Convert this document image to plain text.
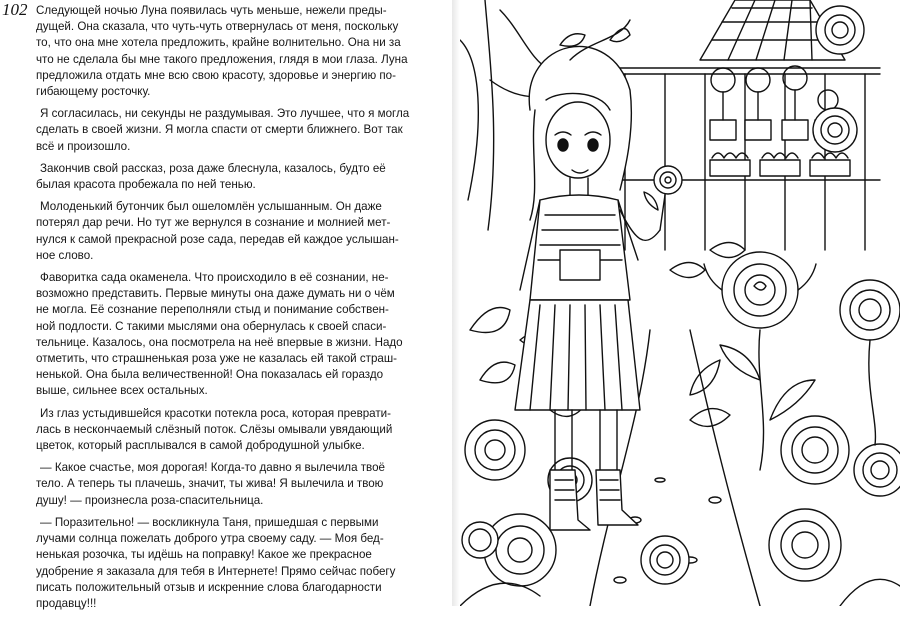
102 Следующей ночью Луна появилась чуть меньше, нежели преды-
дущей. Она сказала, что чуть-чуть отвернулась от меня, поскольку
то, что она мне хотела предложить, крайне волнительно. Она ни за
что не сделала бы мне такого предложения, глядя в мои глаза. Луна
предложила отдать мне всю свою красоту, здоровье и энергию по-
гибающему росточку.
Я согласилась, ни секунды не раздумывая. Это лучшее, что я могла
сделать в своей жизни. Я могла спасти от смерти ближнего. Вот так
всё и произошло.
Закончив свой рассказ, роза даже блеснула, казалось, будто её
былая красота пробежала по ней тенью.
Молоденький бутончик был ошеломлён услышанным. Он даже
потерял дар речи. Но тут же вернулся в сознание и молнией мет-
нулся к самой прекрасной розе сада, передав ей каждое услышан-
ное слово.
Фаворитка сада окаменела. Что происходило в её сознании, не-
возможно представить. Первые минуты она даже думать ни о чём
не могла. Её сознание переполняли стыд и понимание собствен-
ной подлости. С такими мыслями она обернулась к своей спаси-
тельнице. Казалось, она посмотрела на неё впервые в жизни. Надо
отметить, что страшненькая роза уже не казалась ей такой страш-
ненькой. Она была величественной! Она показалась ей гораздо
выше, сильнее всех остальных.
Из глаз устыдившейся красотки потекла роса, которая преврати-
лась в нескончаемый слёзный поток. Слёзы омывали увядающий
цветок, который расплывался в самой добродушной улыбке.
— Какое счастье, моя дорогая! Когда-то давно я вылечила твоё
тело. А теперь ты плачешь, значит, ты жива! Я вылечила и твою
душу! — произнесла роза-спасительница.
— Поразительно! — воскликнула Таня, пришедшая с первыми
лучами солнца пожелать доброго утра своему саду. — Моя бед-
ненькая розочка, ты идёшь на поправку! Какое же прекрасное
удобрение я заказала для тебя в Интернете! Прямо сейчас побегу
писать положительный отзыв и искренние слова благодарности
продавцу!!!
